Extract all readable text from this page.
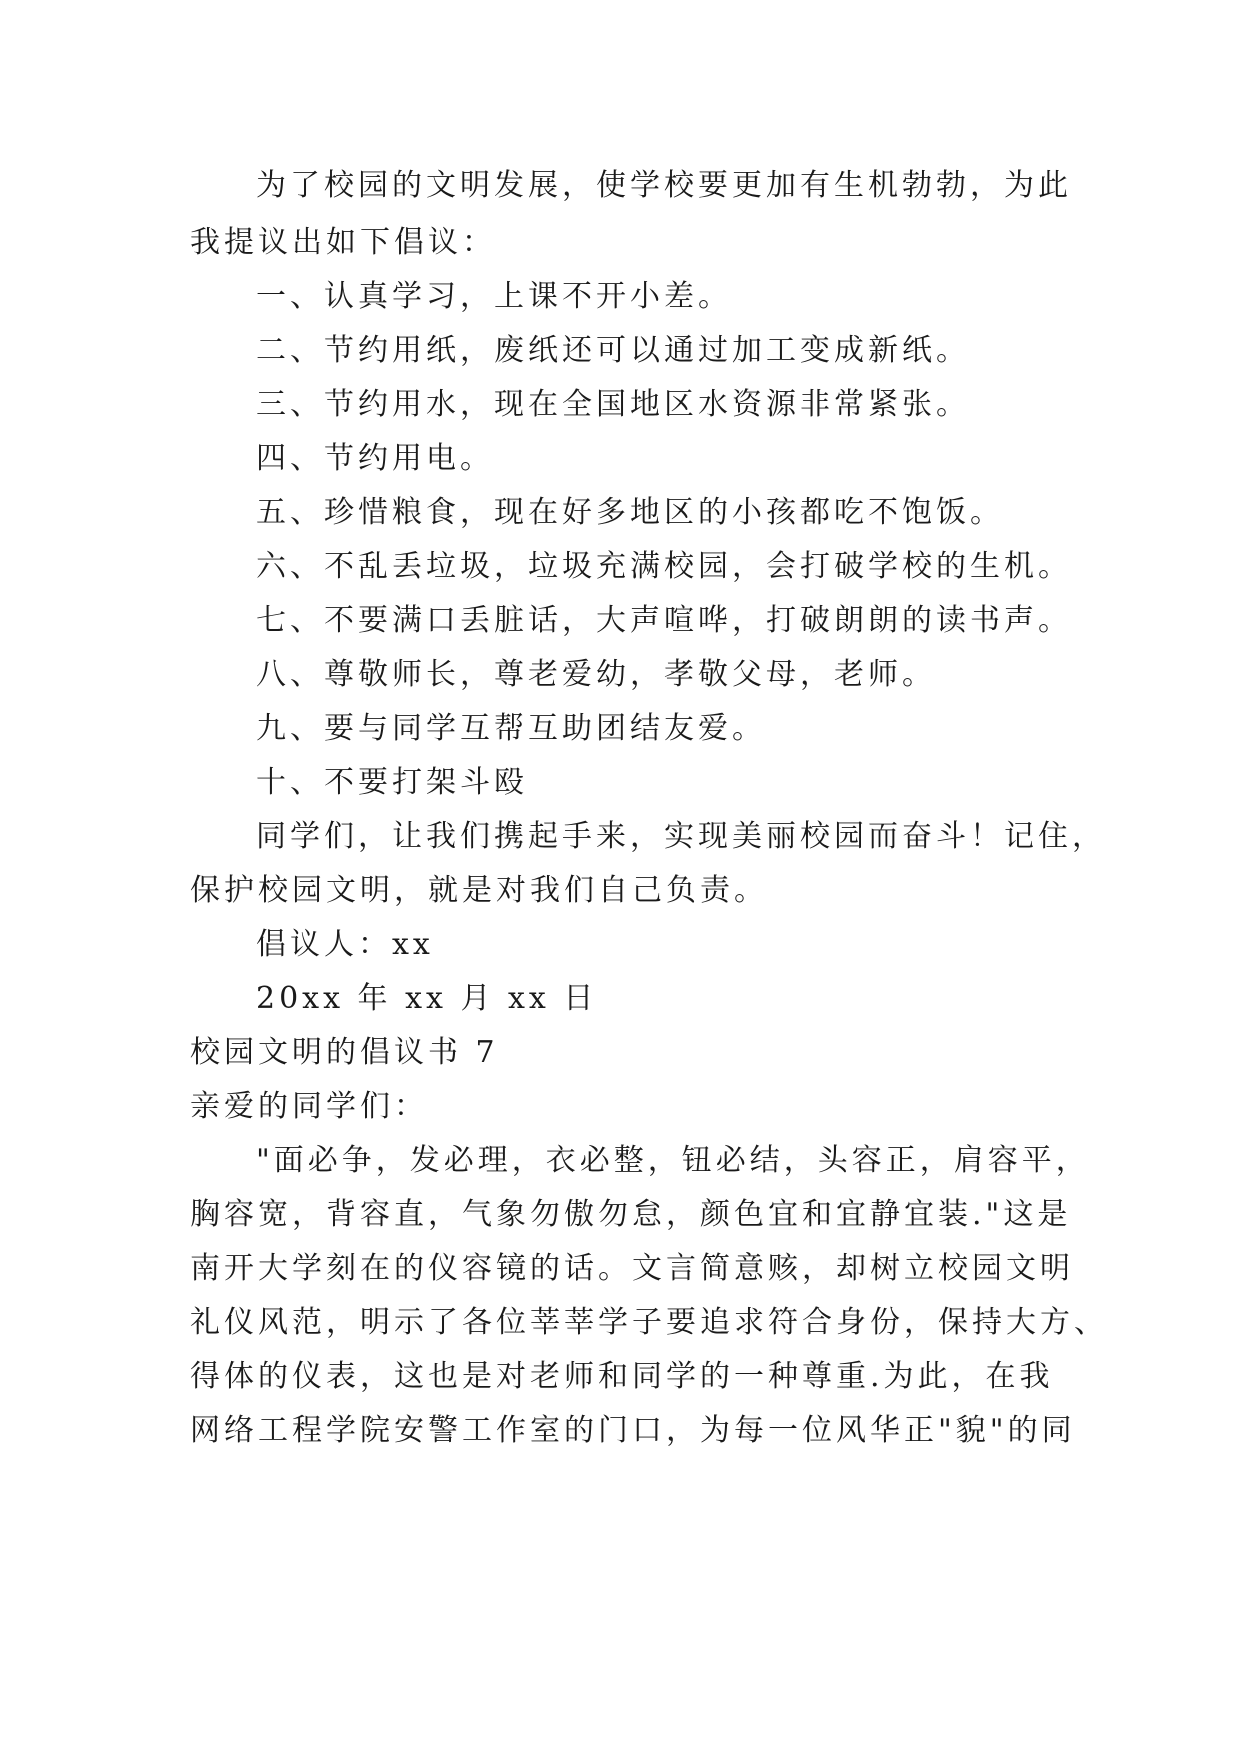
为了校园的文明发展，使学校要更加有生机勃勃，为此
我提议出如下倡议：
一、认真学习，上课不开小差。
二、节约用纸，废纸还可以通过加工变成新纸。
三、节约用水，现在全国地区水资源非常紧张。
四、节约用电。
五、珍惜粮食，现在好多地区的小孩都吃不饱饭。
六、不乱丢垃圾，垃圾充满校园，会打破学校的生机。
七、不要满口丢脏话，大声喧哗，打破朗朗的读书声。
八、尊敬师长，尊老爱幼，孝敬父母，老师。
九、要与同学互帮互助团结友爱。
十、不要打架斗殴
同学们，让我们携起手来，实现美丽校园而奋斗！记住，
保护校园文明，就是对我们自己负责。
倡议人：xx
20xx 年 xx 月 xx 日
校园文明的倡议书 7
亲爱的同学们：
"面必争，发必理，衣必整，钮必结，头容正，肩容平，
胸容宽，背容直，气象勿傲勿怠，颜色宜和宜静宜装."这是
南开大学刻在的仪容镜的话。文言简意赅，却树立校园文明
礼仪风范，明示了各位莘莘学子要追求符合身份，保持大方、
得体的仪表，这也是对老师和同学的一种尊重.为此，在我
网络工程学院安警工作室的门口，为每一位风华正"貌"的同
